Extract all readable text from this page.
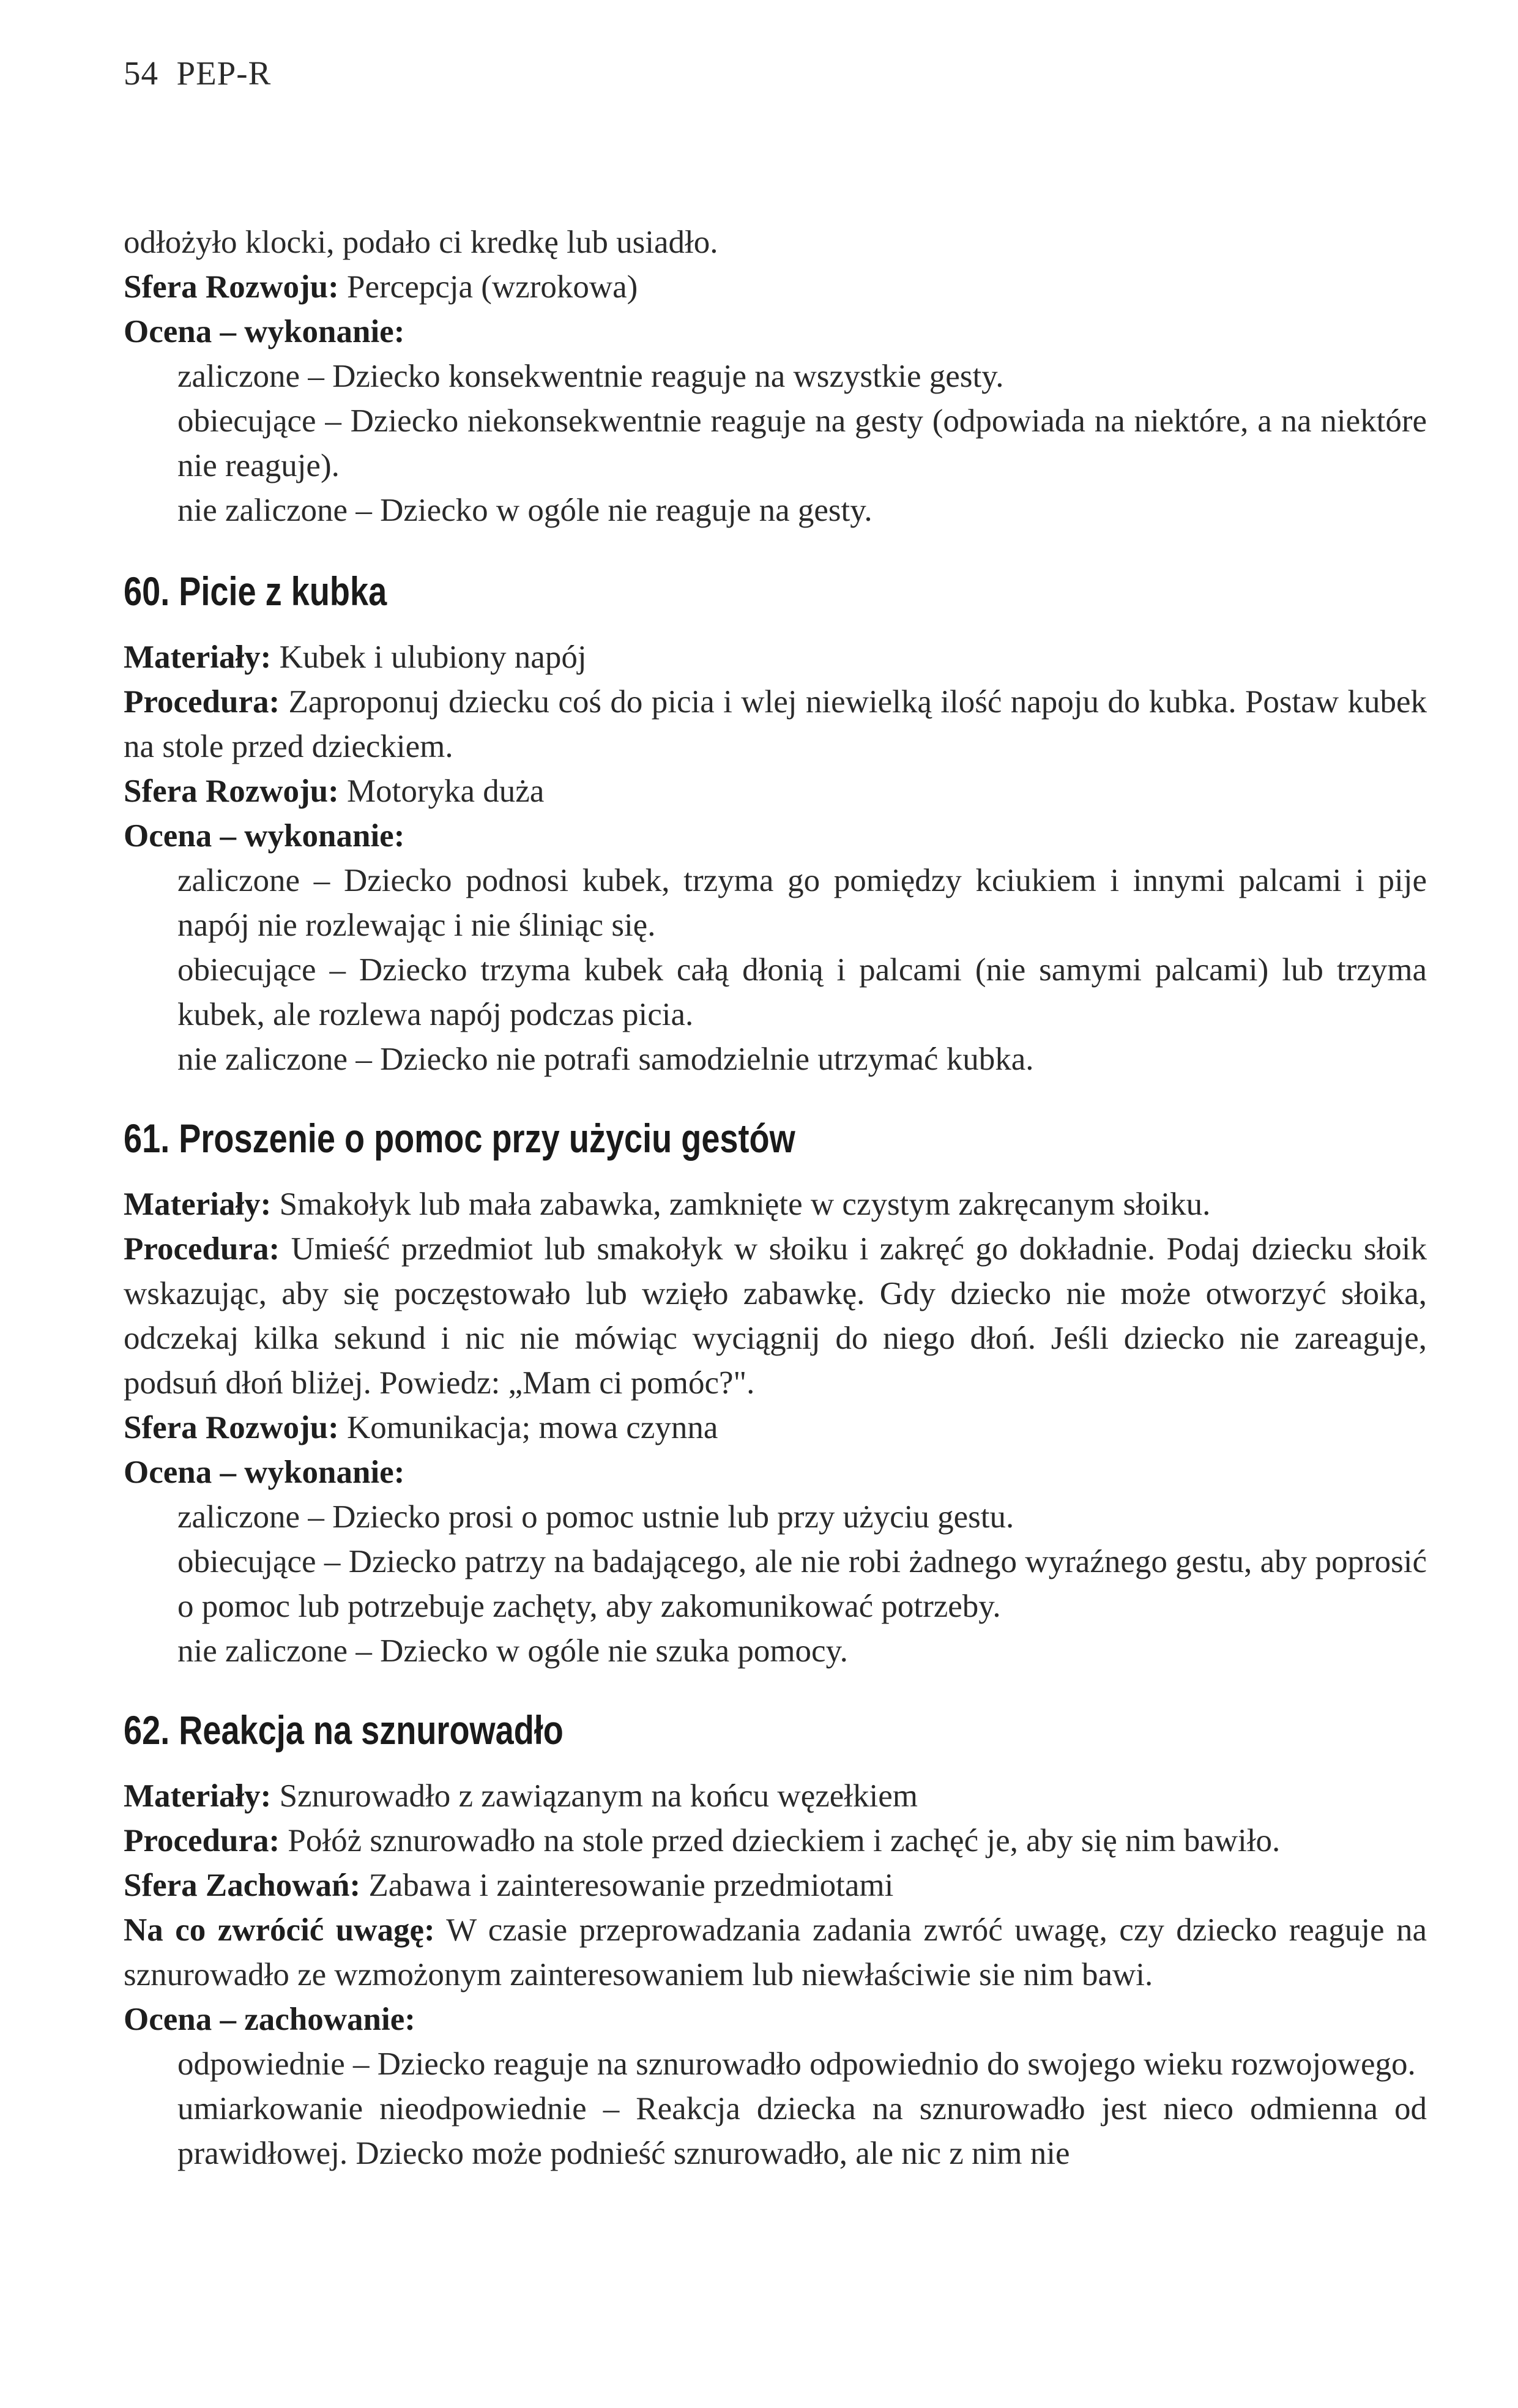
54 PEP-R

odłożyło klocki, podało ci kredkę lub usiadło.

Sfera Rozwoju: Percepcja (wzrokowa)

Ocena – wykonanie:

zaliczone – Dziecko konsekwentnie reaguje na wszystkie gesty.

obiecujące – Dziecko niekonsekwentnie reaguje na gesty (odpowiada na niektóre, a na niektóre nie reaguje).

nie zaliczone – Dziecko w ogóle nie reaguje na gesty.

60. Picie z kubka

Materiały: Kubek i ulubiony napój

Procedura: Zaproponuj dziecku coś do picia i wlej niewielką ilość napoju do kubka. Postaw kubek na stole przed dzieckiem.

Sfera Rozwoju: Motoryka duża

Ocena – wykonanie:

zaliczone – Dziecko podnosi kubek, trzyma go pomiędzy kciukiem i innymi palcami i pije napój nie rozlewając i nie śliniąc się.

obiecujące – Dziecko trzyma kubek całą dłonią i palcami (nie samymi palcami) lub trzyma kubek, ale rozlewa napój podczas picia.

nie zaliczone – Dziecko nie potrafi samodzielnie utrzymać kubka.

61. Proszenie o pomoc przy użyciu gestów

Materiały: Smakołyk lub mała zabawka, zamknięte w czystym zakręcanym słoiku.

Procedura: Umieść przedmiot lub smakołyk w słoiku i zakręć go dokładnie. Podaj dziecku słoik wskazując, aby się poczęstowało lub wzięło zabawkę. Gdy dziecko nie może otworzyć słoika, odczekaj kilka sekund i nic nie mówiąc wyciągnij do niego dłoń. Jeśli dziecko nie zareaguje, podsuń dłoń bliżej. Powiedz: „Mam ci pomóc?".

Sfera Rozwoju: Komunikacja; mowa czynna

Ocena – wykonanie:

zaliczone – Dziecko prosi o pomoc ustnie lub przy użyciu gestu.

obiecujące – Dziecko patrzy na badającego, ale nie robi żadnego wyraźnego gestu, aby poprosić o pomoc lub potrzebuje zachęty, aby zakomunikować potrzeby.

nie zaliczone – Dziecko w ogóle nie szuka pomocy.

62. Reakcja na sznurowadło

Materiały: Sznurowadło z zawiązanym na końcu węzełkiem

Procedura: Połóż sznurowadło na stole przed dzieckiem i zachęć je, aby się nim bawiło.

Sfera Zachowań: Zabawa i zainteresowanie przedmiotami

Na co zwrócić uwagę: W czasie przeprowadzania zadania zwróć uwagę, czy dziecko reaguje na sznurowadło ze wzmożonym zainteresowaniem lub niewłaściwie sie nim bawi.

Ocena – zachowanie:

odpowiednie – Dziecko reaguje na sznurowadło odpowiednio do swojego wieku rozwojowego.

umiarkowanie nieodpowiednie – Reakcja dziecka na sznurowadło jest nieco odmienna od prawidłowej. Dziecko może podnieść sznurowadło, ale nic z nim nie
